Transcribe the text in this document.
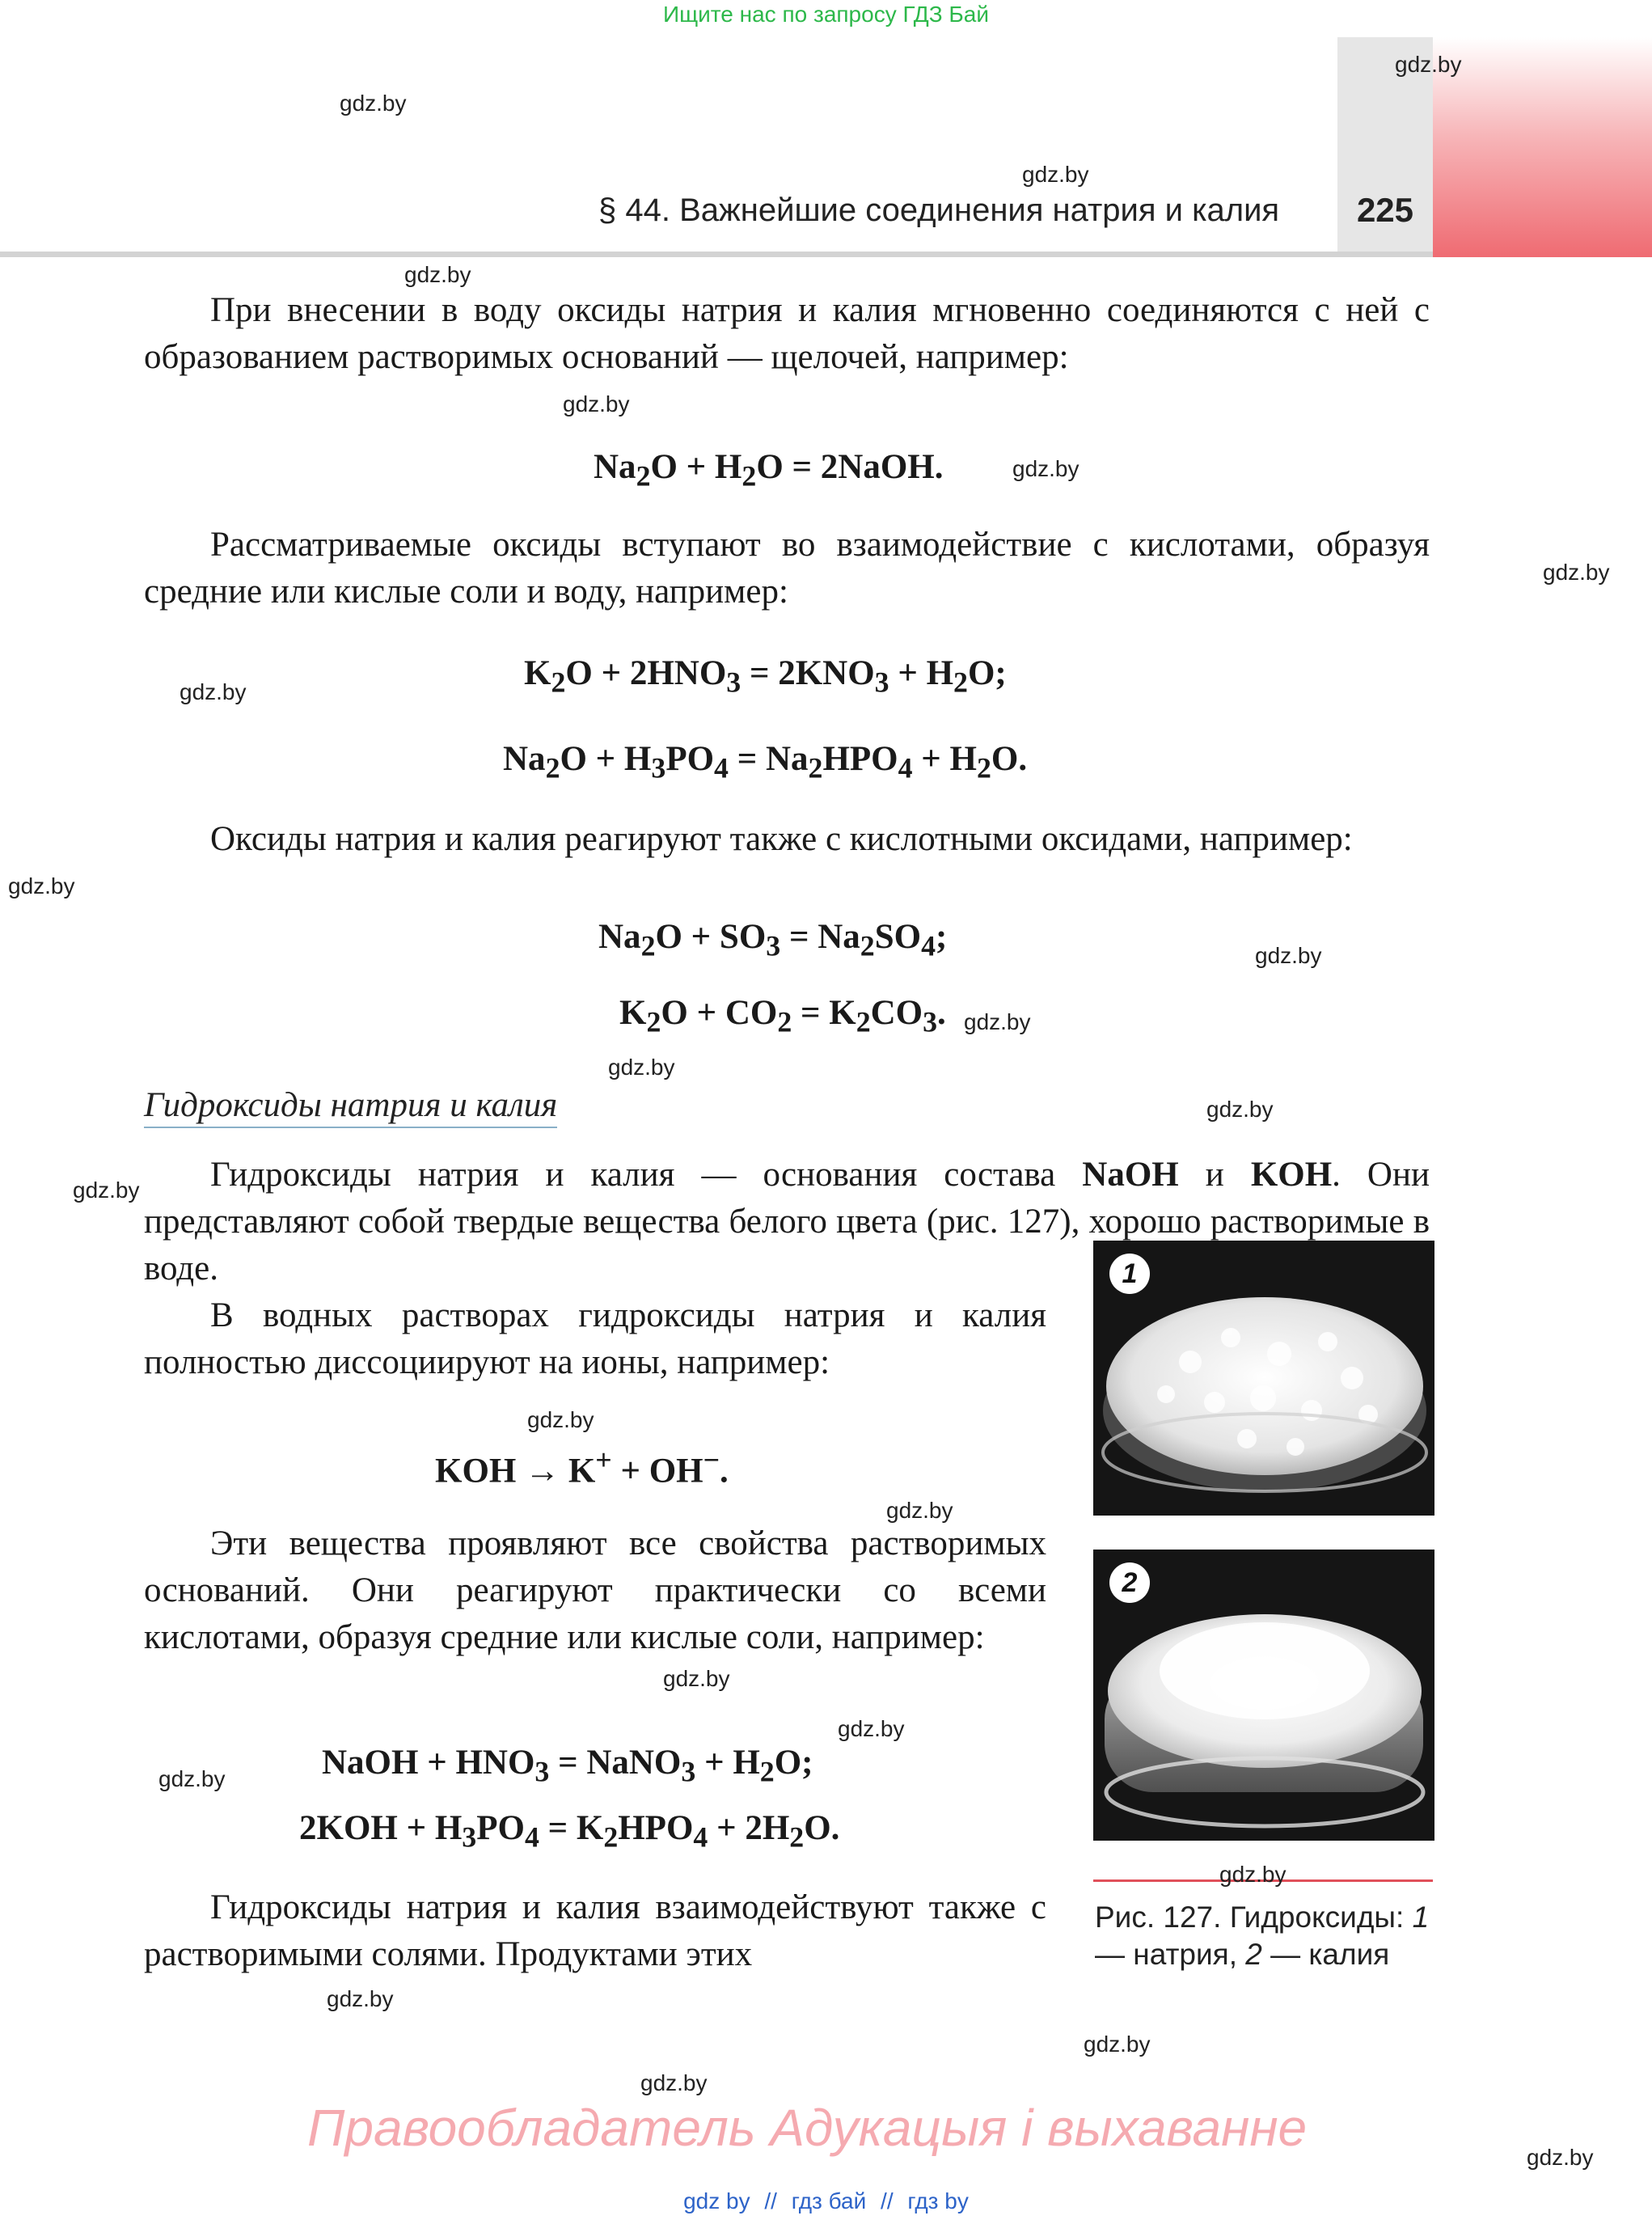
Ищите нас по запросу ГДЗ Бай
§ 44. Важнейшие соединения натрия и калия	225
При внесении в воду оксиды натрия и калия мгновенно соединяются с ней с образованием растворимых оснований — щелочей, например:
$Na_2O + H_2O$ = 2NaOH.
Рассматриваемые оксиды вступают во взаимодействие с кислотами, образуя средние или кислые соли и воду, например:
$K_2O + 2HNO_3 = 2KNO_3 + H_2O$;
$Na_2O + H_3PO_4 = Na_2HPO_4 + H_2O$.
Оксиды натрия и калия реагируют также с кислотными оксидами, например:
$Na_2O + SO_3 = Na_2SO_4$;
$K_2O + CO_2 = K_2CO_3$.
Гидроксиды натрия и калия
Гидроксиды натрия и калия — основания состава NaOH и KOH. Они представляют собой твердые вещества белого цвета (рис. 127), хорошо растворимые в воде.
В водных растворах гидроксиды натрия и калия полностью диссоциируют на ионы, например:
KOH → K+ + OH−.
Эти вещества проявляют все свойства растворимых оснований. Они реагируют практически со всеми кислотами, образуя средние или кислые соли, например:
NaOH + $HNO_3$ = NaNO$_3$ + $H_2O$;
$2KOH + H_3PO_4 = K_2HPO_4 + 2H_2O$.
Гидроксиды натрия и калия взаимодействуют также с растворимыми солями. Продуктами этих
1
2
Рис. 127. Гидроксиды: 1 — натрия, 2 — калия
gdz.by
gdz.by
gdz.by
gdz.by
gdz.by
gdz.by
gdz.by
gdz.by
gdz.by
gdz.by
gdz.by
gdz.by
gdz.by
gdz.by
gdz.by
gdz.by
gdz.by
gdz.by
gdz.by
gdz.by
gdz.by
gdz.by
gdz.by
gdz.by
Правообладатель Адукацыя і выхаванне
gdz by // гдз бай // гдз by
